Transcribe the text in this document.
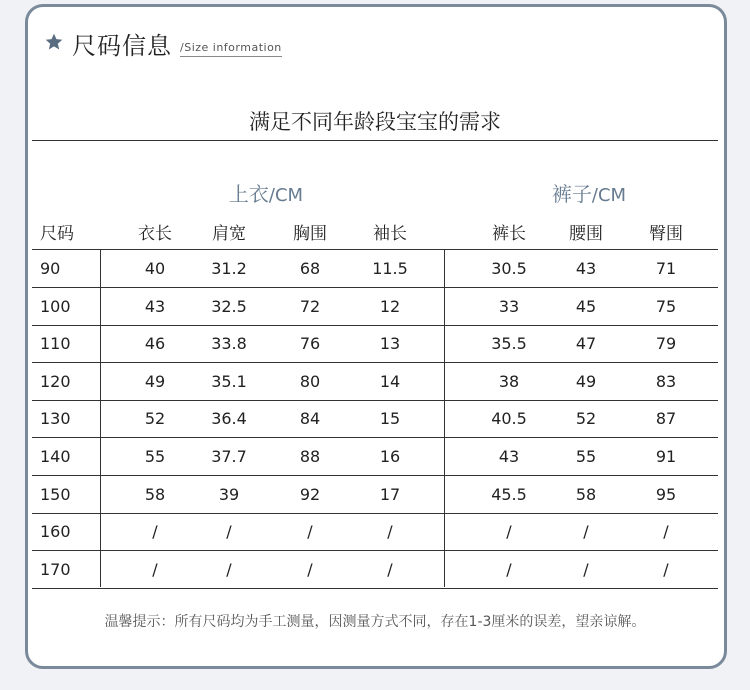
尺码信息 /Size information
满足不同年龄段宝宝的需求
上衣/CM	裤子/CM
尺码	衣长	肩宽	胸围	袖长	裤长	腰围	臀围
90	40	31.2	68	11.5	30.5	43	71
100	43	32.5	72	12	33	45	75
110	46	33.8	76	13	35.5	47	79
120	49	35.1	80	14	38	49	83
130	52	36.4	84	15	40.5	52	87
140	55	37.7	88	16	43	55	91
150	58	39	92	17	45.5	58	95
160	/	/	/	/	/	/	/
170	/	/	/	/	/	/	/
温馨提示：所有尺码均为手工测量，因测量方式不同，存在1-3厘米的误差，望亲谅解。
